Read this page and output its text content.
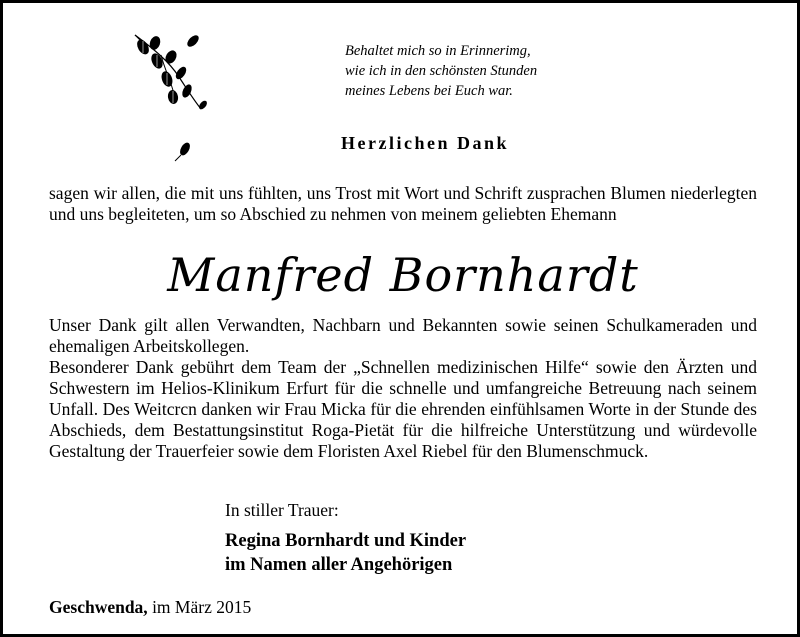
Behaltet mich so in Erinnerimg,
wie ich in den schönsten Stunden
meines Lebens bei Euch war.
Herzlichen Dank
sagen wir allen, die mit uns fühlten, uns Trost mit Wort und Schrift zusprachen Blumen niederlegten und uns begleiteten, um so Abschied zu nehmen von meinem geliebten Ehemann
Manfred Bornhardt

Unser Dank gilt allen Verwandten, Nachbarn und Bekannten sowie seinen Schulkameraden und ehemaligen Arbeitskollegen.

Besonderer Dank gebührt dem Team der „Schnellen medizinischen Hilfe“ sowie den Ärzten und Schwestern im Helios-Klinikum Erfurt für die schnelle und umfangreiche Betreuung nach seinem Unfall. Des Weitcrcn danken wir Frau Micka für die ehrenden einfühlsamen Worte in der Stunde des Abschieds, dem Bestattungsinstitut Roga-Pietät für die hilfreiche Unterstützung und würdevolle Gestaltung der Trauerfeier sowie dem Floristen Axel Riebel für den Blumenschmuck.

In stiller Trauer:
Regina Bornhardt und Kinder
im Namen aller Angehörigen
Geschwenda, im März 2015
